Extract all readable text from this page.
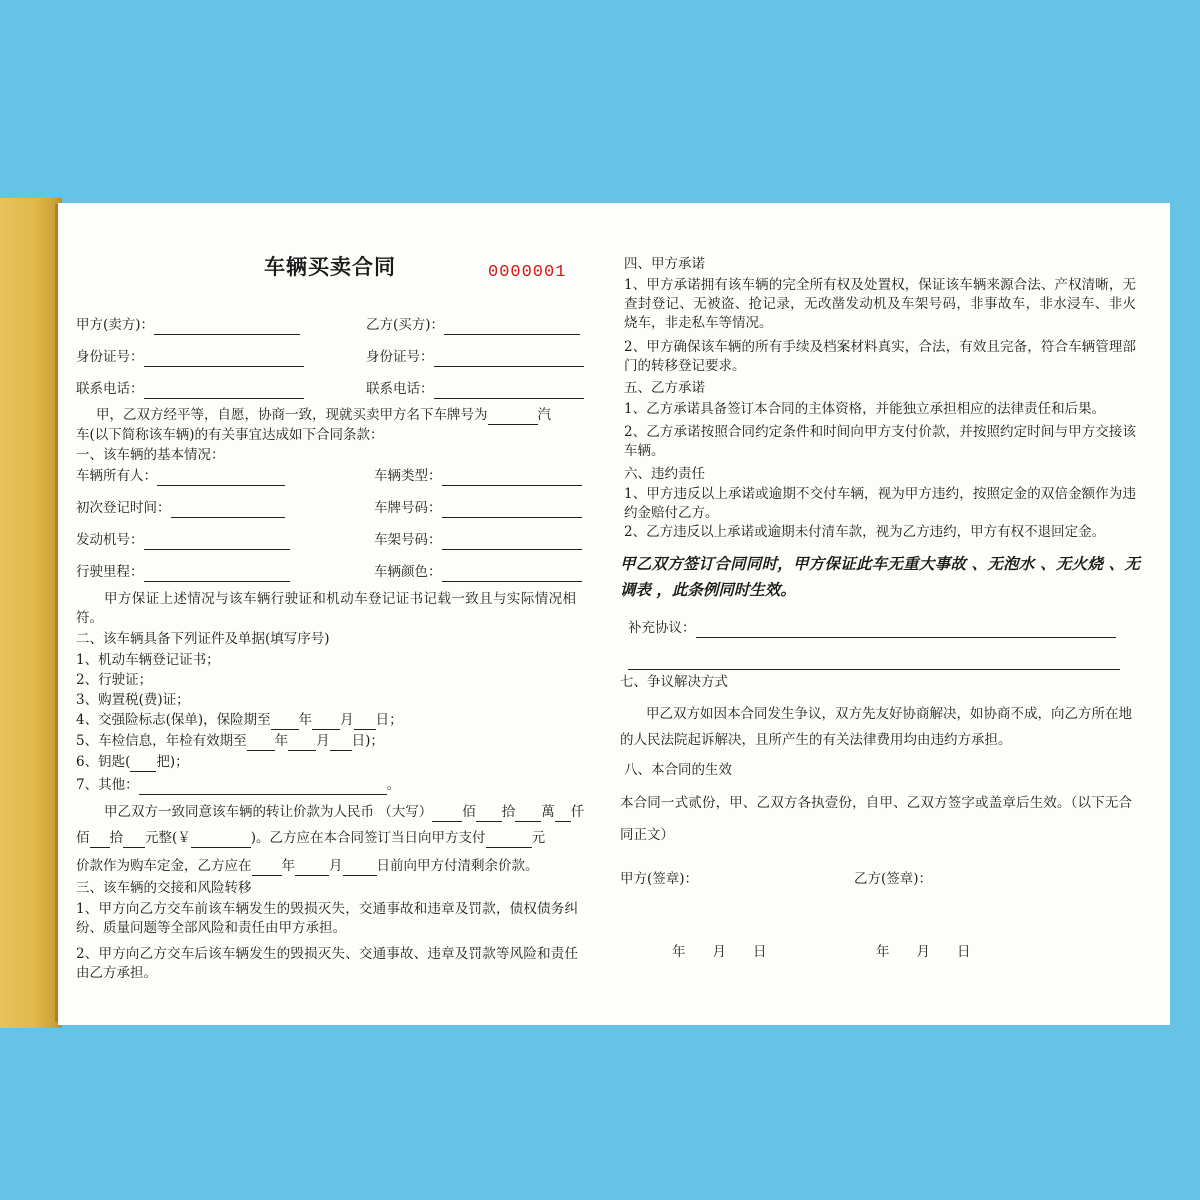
车辆买卖合同	0000001
甲方(卖方)：	乙方(买方)：
身份证号：	身份证号：
联系电话：	联系电话：
甲，乙双方经平等，自愿，协商一致，现就买卖甲方名下车牌号为	汽
车(以下简称该车辆)的有关事宜达成如下合同条款：
一、该车辆的基本情况：
车辆所有人：	车辆类型：
初次登记时间：	车牌号码：
发动机号：	车架号码：
行驶里程：	车辆颜色：
甲方保证上述情况与该车辆行驶证和机动车登记证书记载一致且与实际情况相符。
二、该车辆具备下列证件及单据(填写序号)
1、机动车辆登记证书；
2、行驶证；
3、购置税(费)证；
4、交强险标志(保单)，保险期至 年 月 日；
5、车检信息，年检有效期至 年 月 日)；
6、钥匙( 把)；
7、其他：	。
甲乙双方一致同意该车辆的转让价款为人民币 （大写） 佰 拾 萬 仟
佰 拾 元整(￥	)。乙方应在本合同签订当日向甲方支付	元
价款作为购车定金，乙方应在 年	月	日前向甲方付清剩余价款。
三、该车辆的交接和风险转移
1、甲方向乙方交车前该车辆发生的毁损灭失，交通事故和违章及罚款，债权债务纠纷、质量问题等全部风险和责任由甲方承担。
2、甲方向乙方交车后该车辆发生的毁损灭失、交通事故、违章及罚款等风险和责任由乙方承担。
四、甲方承诺
1、甲方承诺拥有该车辆的完全所有权及处置权，保证该车辆来源合法、产权清晰，无查封登记、无被盗、抢记录，无改凿发动机及车架号码，非事故车，非水浸车、非火烧车，非走私车等情况。
2、甲方确保该车辆的所有手续及档案材料真实，合法，有效且完备，符合车辆管理部门的转移登记要求。
五、乙方承诺
1、乙方承诺具备签订本合同的主体资格，并能独立承担相应的法律责任和后果。
2、乙方承诺按照合同约定条件和时间向甲方支付价款，并按照约定时间与甲方交接该车辆。
六、违约责任
1、甲方违反以上承诺或逾期不交付车辆，视为甲方违约，按照定金的双倍金额作为违约金赔付乙方。
2、乙方违反以上承诺或逾期未付清车款，视为乙方违约，甲方有权不退回定金。
甲乙双方签订合同同时，甲方保证此车无重大事故 、无泡水 、无火烧 、无调表 ，此条例同时生效。
补充协议：
七、争议解决方式
甲乙双方如因本合同发生争议，双方先友好协商解决，如协商不成，向乙方所在地的人民法院起诉解决，且所产生的有关法律费用均由违约方承担。
八、本合同的生效
本合同一式贰份，甲、乙双方各执壹份，自甲、乙双方签字或盖章后生效。（以下无合同正文）
甲方(签章)：	乙方(签章)：
年　　月　　日	年　　月　　日
